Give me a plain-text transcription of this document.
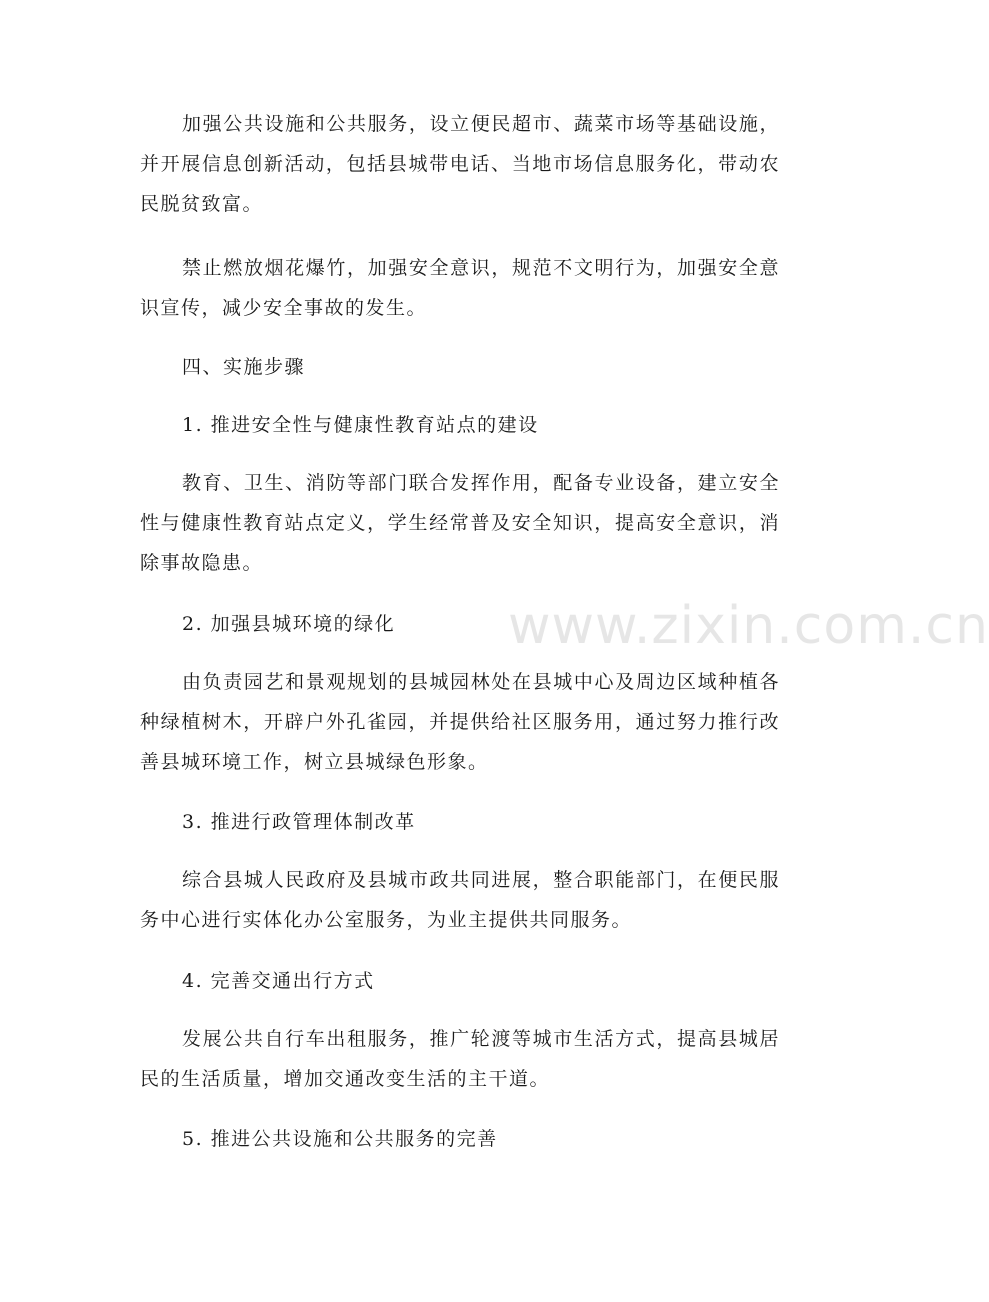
加强公共设施和公共服务，设立便民超市、蔬菜市场等基础设施，并开展信息创新活动，包括县城带电话、当地市场信息服务化，带动农民脱贫致富。

禁止燃放烟花爆竹，加强安全意识，规范不文明行为，加强安全意识宣传，减少安全事故的发生。

四、实施步骤

1. 推进安全性与健康性教育站点的建设

教育、卫生、消防等部门联合发挥作用，配备专业设备，建立安全性与健康性教育站点定义，学生经常普及安全知识，提高安全意识，消除事故隐患。

2. 加强县城环境的绿化

由负责园艺和景观规划的县城园林处在县城中心及周边区域种植各种绿植树木，开辟户外孔雀园，并提供给社区服务用，通过努力推行改善县城环境工作，树立县城绿色形象。

3. 推进行政管理体制改革

综合县城人民政府及县城市政共同进展，整合职能部门，在便民服务中心进行实体化办公室服务，为业主提供共同服务。

4. 完善交通出行方式

发展公共自行车出租服务，推广轮渡等城市生活方式，提高县城居民的生活质量，增加交通改变生活的主干道。

5. 推进公共设施和公共服务的完善

www.zixin.com.cn
